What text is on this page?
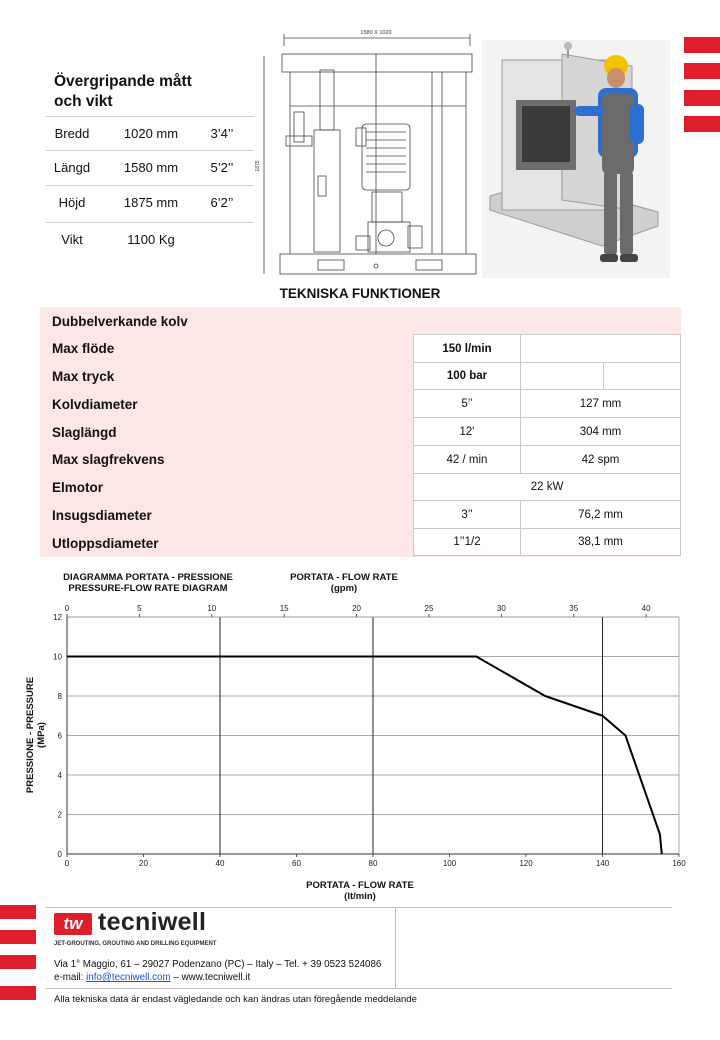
Övergripande mått
och vikt
Bredd	1020 mm	3’4’’
Längd	1580 mm	5’2’’
Höjd	1875 mm	6’2’’
Vikt	1100 Kg
1580 X 1020
1875
TEKNISKA FUNKTIONER
Dubbelverkande kolv
Max flöde	150 l/min
Max tryck	100 bar
Kolvdiameter	5’’	127 mm
Slaglängd	12'	304 mm
Max slagfrekvens	42 / min	42 spm
Elmotor	22 kW
Insugsdiameter	3’’	76,2 mm
Utloppsdiameter	1’’1/2	38,1 mm
DIAGRAMMA PORTATA - PRESSIONE
PRESSURE-FLOW RATE DIAGRAM
PORTATA - FLOW RATE
(gpm)
PORTATA - FLOW RATE
(lt/min)
PRESSIONE - PRESSURE (MPa)
0
2
4
6
8
10
12
0	20	40	60	80	100	120	140	160
0	5	10	15	20	25	30	35	40
tw tecniwell
JET-GROUTING, GROUTING AND DRILLING EQUIPMENT
Via 1° Maggio, 61 – 29027 Podenzano (PC) – Italy – Tel. + 39 0523 524086
e-mail: info@tecniwell.com – www.tecniwell.it
Alla tekniska data är endast vägledande och kan ändras utan föregående meddelande
